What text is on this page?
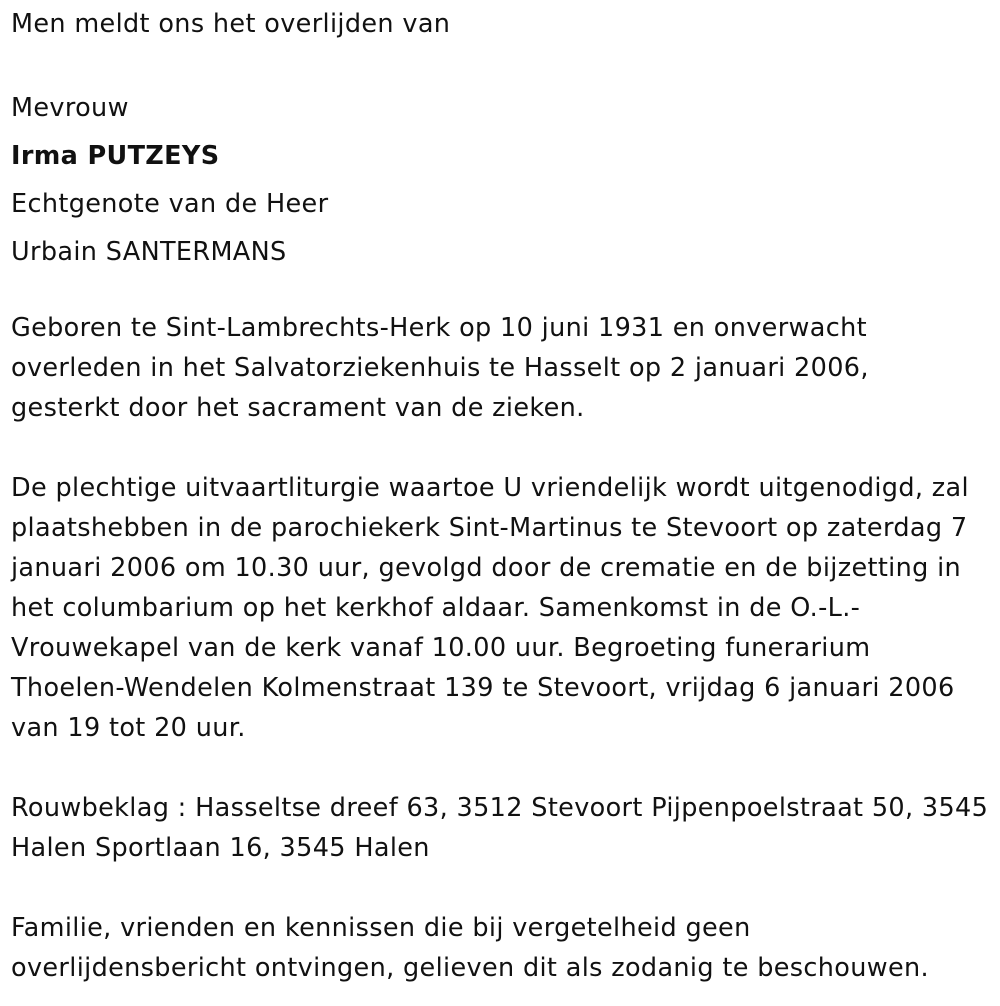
Men meldt ons het overlijden van
Mevrouw
Irma PUTZEYS
Echtgenote van de Heer
Urbain SANTERMANS
Geboren te Sint-Lambrechts-Herk op 10 juni 1931 en onverwacht
overleden in het Salvatorziekenhuis te Hasselt op 2 januari 2006,
gesterkt door het sacrament van de zieken.
De plechtige uitvaartliturgie waartoe U vriendelijk wordt uitgenodigd, zal
plaatshebben in de parochiekerk Sint-Martinus te Stevoort op zaterdag 7
januari 2006 om 10.30 uur, gevolgd door de crematie en de bijzetting in
het columbarium op het kerkhof aldaar. Samenkomst in de O.-L.-
Vrouwekapel van de kerk vanaf 10.00 uur. Begroeting funerarium
Thoelen-Wendelen Kolmenstraat 139 te Stevoort, vrijdag 6 januari 2006
van 19 tot 20 uur.
Rouwbeklag : Hasseltse dreef 63, 3512 Stevoort Pijpenpoelstraat 50, 3545
Halen Sportlaan 16, 3545 Halen
Familie, vrienden en kennissen die bij vergetelheid geen
overlijdensbericht ontvingen, gelieven dit als zodanig te beschouwen.
